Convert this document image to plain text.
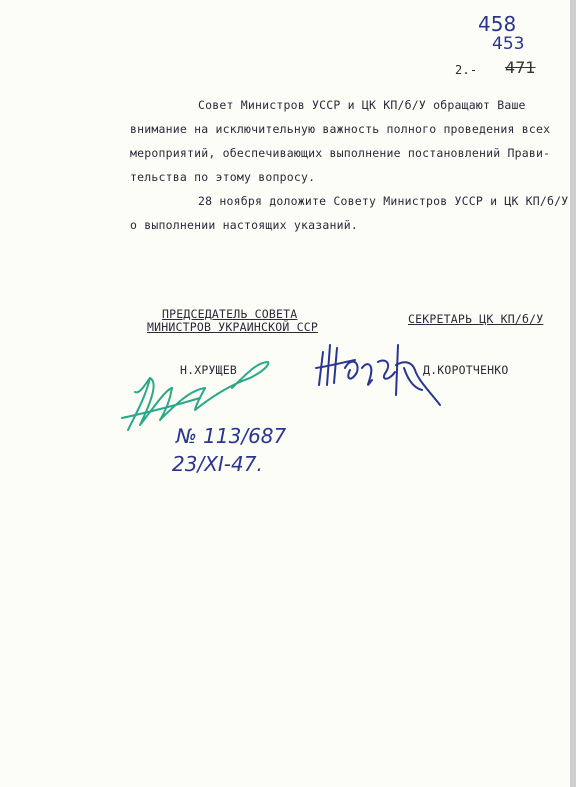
458
453
2.- 471
Совет Министров УССР и ЦК КП/б/У обращают Ваше
внимание на исключительную важность полного проведения всех
мероприятий, обеспечивающих выполнение постановлений Прави-
тельства по этому вопросу.
28 ноября доложите Совету Министров УССР и ЦК КП/б/У
о выполнении настоящих указаний.
ПРЕДСЕДАТЕЛЬ СОВЕТА
МИНИСТРОВ УКРАИНСКОЙ ССР
СЕКРЕТАРЬ ЦК КП/б/У
Н.ХРУЩЕВ	Д.КОРОТЧЕНКО
№ 113/687
23/XI-47.
